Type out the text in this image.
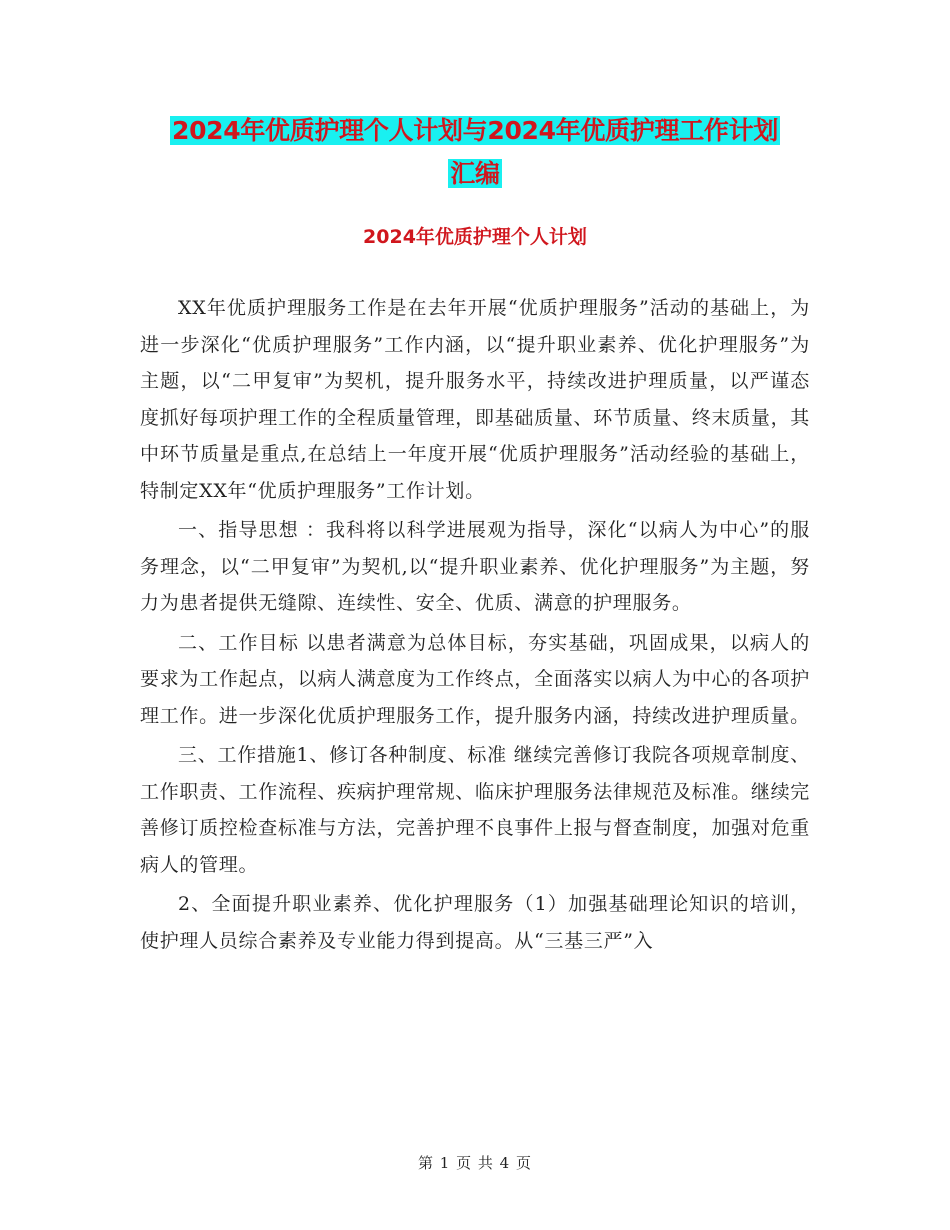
2024年优质护理个人计划与2024年优质护理工作计划
汇编
2024年优质护理个人计划

XX年优质护理服务工作是在去年开展“优质护理服务”活动的基础上，为进一步深化“优质护理服务”工作内涵，以“提升职业素养、优化护理服务”为主题，以“二甲复审”为契机，提升服务水平，持续改进护理质量，以严谨态度抓好每项护理工作的全程质量管理，即基础质量、环节质量、终末质量，其中环节质量是重点,在总结上一年度开展“优质护理服务”活动经验的基础上，特制定XX年“优质护理服务”工作计划。

一、指导思想 ：我科将以科学进展观为指导，深化“以病人为中心”的服务理念，以“二甲复审”为契机,以“提升职业素养、优化护理服务”为主题，努力为患者提供无缝隙、连续性、安全、优质、满意的护理服务。

二、工作目标 以患者满意为总体目标，夯实基础，巩固成果，以病人的要求为工作起点，以病人满意度为工作终点，全面落实以病人为中心的各项护理工作。进一步深化优质护理服务工作，提升服务内涵，持续改进护理质量。

三、工作措施1、修订各种制度、标准 继续完善修订我院各项规章制度、工作职责、工作流程、疾病护理常规、临床护理服务法律规范及标准。继续完善修订质控检查标准与方法，完善护理不良事件上报与督查制度，加强对危重病人的管理。

2、全面提升职业素养、优化护理服务（1）加强基础理论知识的培训，使护理人员综合素养及专业能力得到提高。从“三基三严”入

第 1 页 共 4 页
